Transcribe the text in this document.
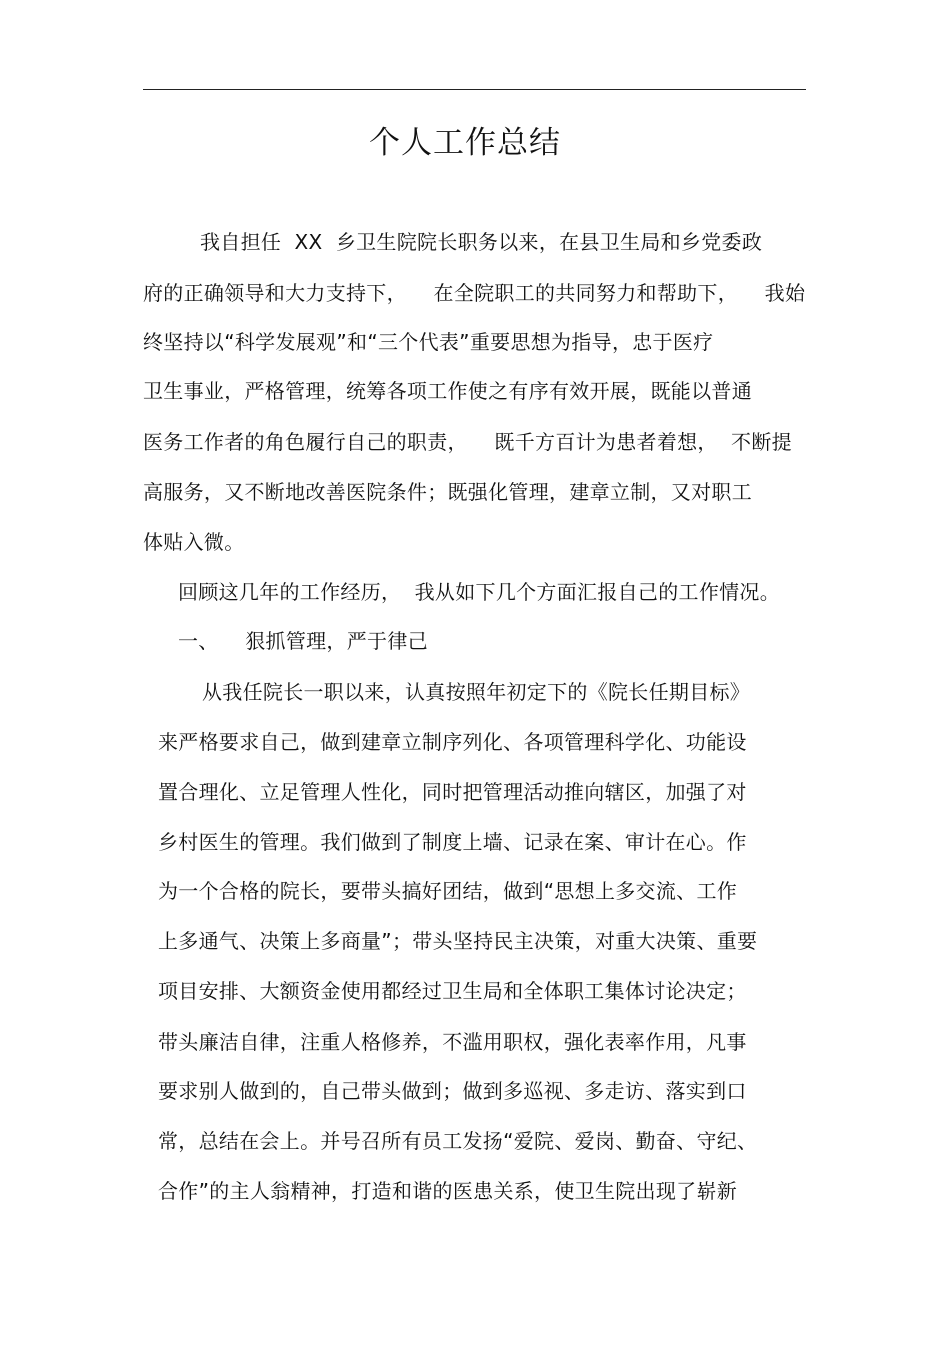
个人工作总结
我自担任  XX  乡卫生院院长职务以来，在县卫生局和乡党委政
府的正确领导和大力支持下，    在全院职工的共同努力和帮助下，    我始
终坚持以“科学发展观”和“三个代表”重要思想为指导，忠于医疗
卫生事业，严格管理，统筹各项工作使之有序有效开展，既能以普通
医务工作者的角色履行自己的职责，    既千方百计为患者着想，  不断提
高服务，又不断地改善医院条件；既强化管理，建章立制，又对职工
体贴入微。
回顾这几年的工作经历，  我从如下几个方面汇报自己的工作情况。
一、    狠抓管理，严于律己
从我任院长一职以来，认真按照年初定下的《院长任期目标》
来严格要求自己，做到建章立制序列化、各项管理科学化、功能设
置合理化、立足管理人性化，同时把管理活动推向辖区，加强了对
乡村医生的管理。我们做到了制度上墙、记录在案、审计在心。作
为一个合格的院长，要带头搞好团结，做到“思想上多交流、工作
上多通气、决策上多商量”；带头坚持民主决策，对重大决策、重要
项目安排、大额资金使用都经过卫生局和全体职工集体讨论决定；
带头廉洁自律，注重人格修养，不滥用职权，强化表率作用，凡事
要求别人做到的，自己带头做到；做到多巡视、多走访、落实到口
常，总结在会上。并号召所有员工发扬“爱院、爱岗、勤奋、守纪、
合作”的主人翁精神，打造和谐的医患关系，使卫生院出现了崭新
